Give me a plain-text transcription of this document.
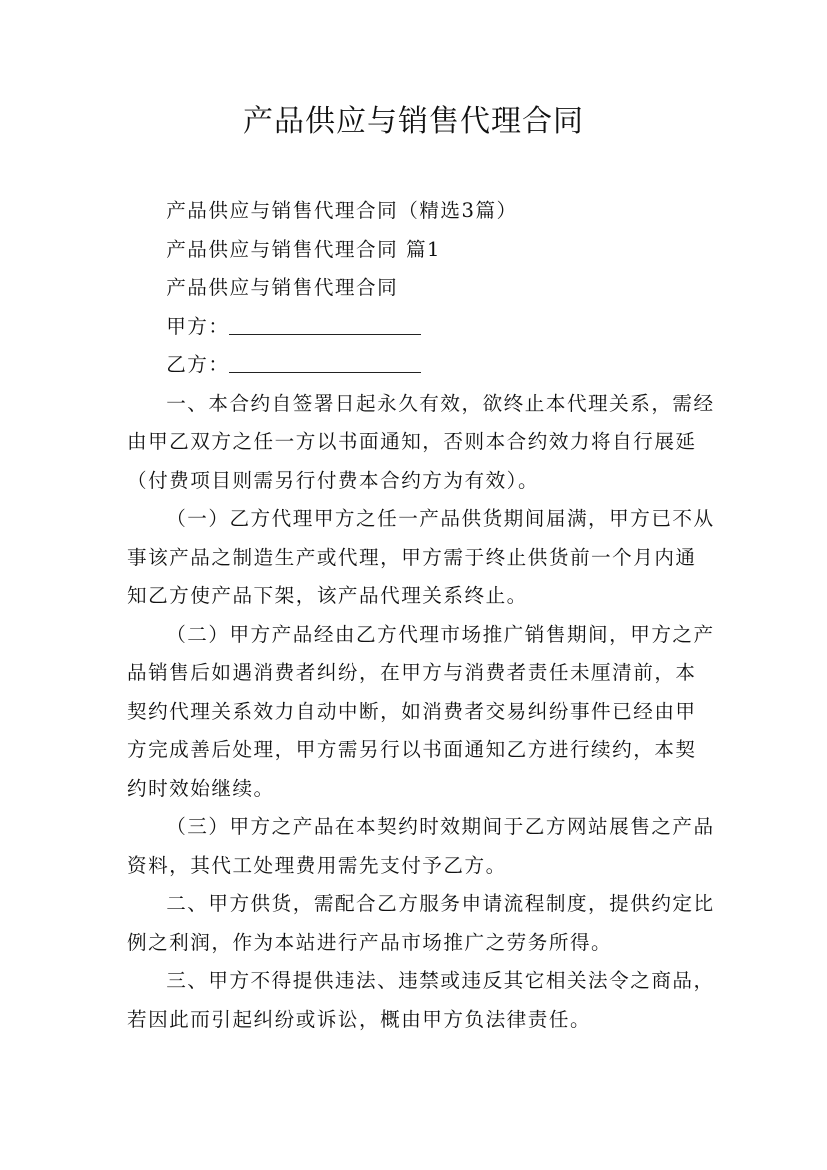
产品供应与销售代理合同

产品供应与销售代理合同（精选3篇）

产品供应与销售代理合同 篇1

产品供应与销售代理合同

甲方：

乙方：

一、本合约自签署日起永久有效，欲终止本代理关系，需经由甲乙双方之任一方以书面通知，否则本合约效力将自行展延（付费项目则需另行付费本合约方为有效）。

（一）乙方代理甲方之任一产品供货期间届满，甲方已不从事该产品之制造生产或代理，甲方需于终止供货前一个月内通知乙方使产品下架，该产品代理关系终止。

（二）甲方产品经由乙方代理市场推广销售期间，甲方之产品销售后如遇消费者纠纷，在甲方与消费者责任未厘清前，本契约代理关系效力自动中断，如消费者交易纠纷事件已经由甲方完成善后处理，甲方需另行以书面通知乙方进行续约，本契约时效始继续。

（三）甲方之产品在本契约时效期间于乙方网站展售之产品资料，其代工处理费用需先支付予乙方。

二、甲方供货，需配合乙方服务申请流程制度，提供约定比例之利润，作为本站进行产品市场推广之劳务所得。

三、甲方不得提供违法、违禁或违反其它相关法令之商品，若因此而引起纠纷或诉讼，概由甲方负法律责任。
